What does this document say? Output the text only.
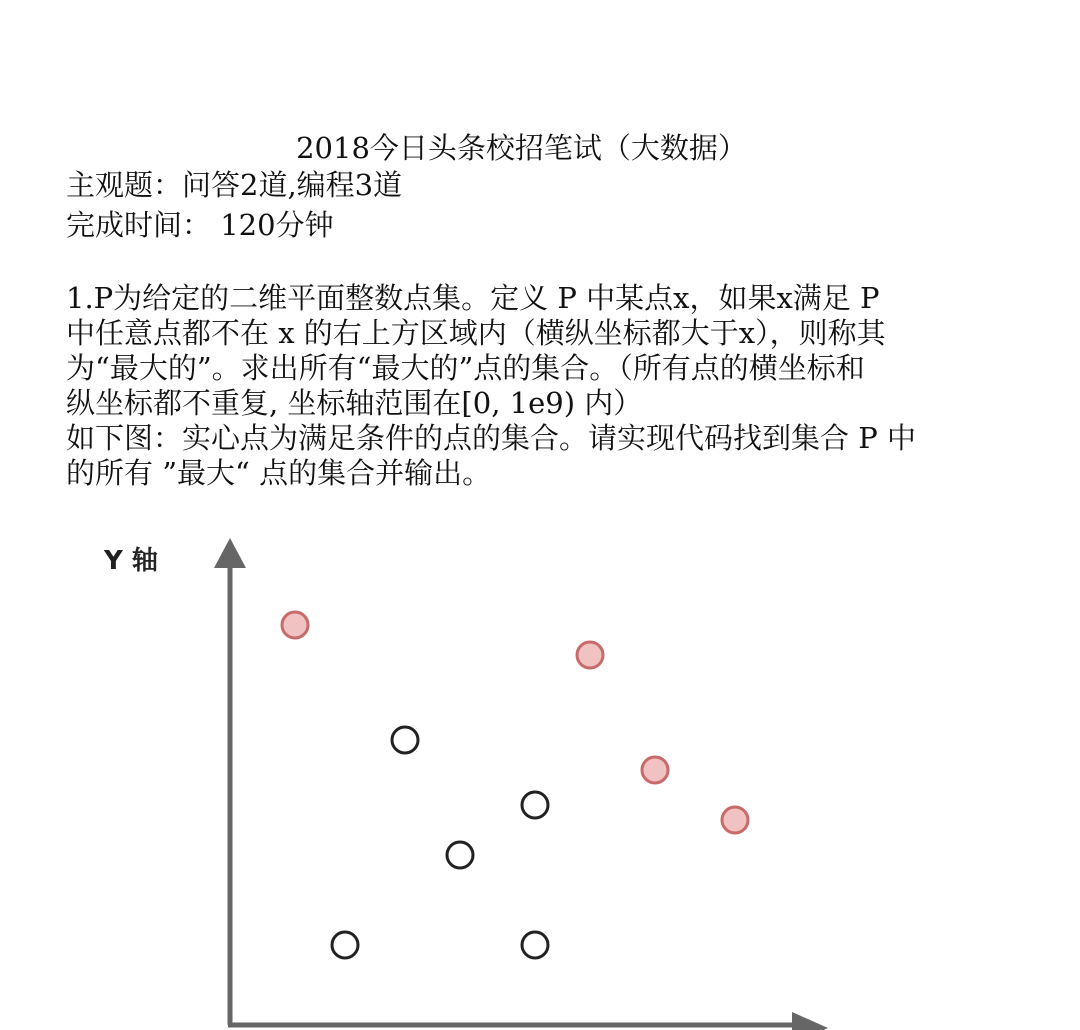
2018今日头条校招笔试（大数据）
主观题：问答2道,编程3道
完成时间： 120分钟
1.P为给定的二维平面整数点集。定义 P 中某点x，如果x满足 P
中任意点都不在 x 的右上方区域内（横纵坐标都大于x），则称其
为“最大的”。求出所有“最大的”点的集合。（所有点的横坐标和
纵坐标都不重复, 坐标轴范围在[0, 1e9) 内）
如下图：实心点为满足条件的点的集合。请实现代码找到集合 P 中
的所有 ”最大“ 点的集合并输出。
Y 轴
